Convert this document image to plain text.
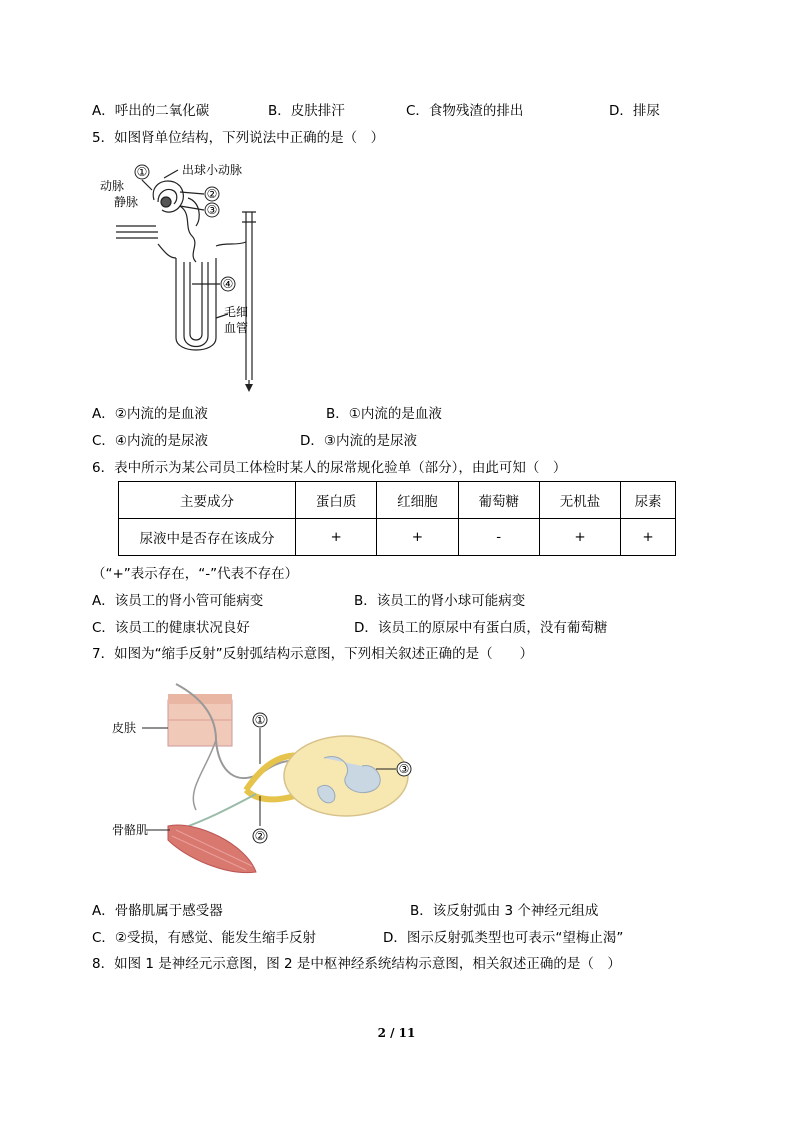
A．呼出的二氧化碳	B．皮肤排汗	C．食物残渣的排出	D．排尿
5．如图肾单位结构，下列说法中正确的是（　）
①
②
③
④
动脉
静脉
出球小动脉
毛细
血管
A．②内流的是血液	B．①内流的是血液
C．④内流的是尿液	D．③内流的是尿液
6．表中所示为某公司员工体检时某人的尿常规化验单（部分），由此可知（　）
主要成分	蛋白质	红细胞	葡萄糖	无机盐	尿素
尿液中是否存在该成分	+	+	-	+	+
（“+”表示存在，“-”代表不存在）
A．该员工的肾小管可能病变	B．该员工的肾小球可能病变
C．该员工的健康状况良好	D．该员工的原尿中有蛋白质，没有葡萄糖
7．如图为“缩手反射”反射弧结构示意图，下列相关叙述正确的是（　　）
①
②
③
皮肤
骨骼肌
A．骨骼肌属于感受器	B．该反射弧由 3 个神经元组成
C．②受损，有感觉、能发生缩手反射	D．图示反射弧类型也可表示“望梅止渴”
8．如图 1 是神经元示意图，图 2 是中枢神经系统结构示意图，相关叙述正确的是（　）
2 / 11
